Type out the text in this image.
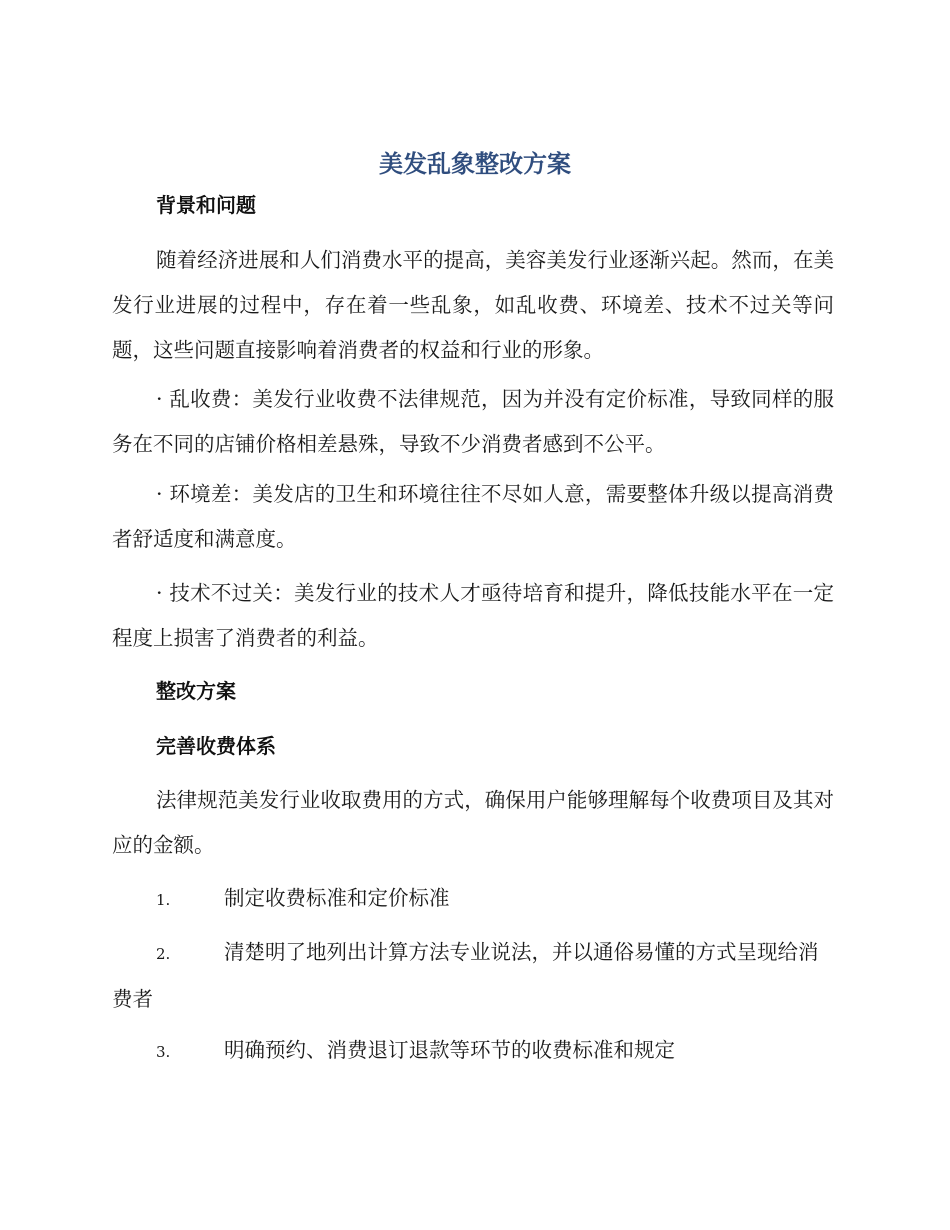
美发乱象整改方案
背景和问题

随着经济进展和人们消费水平的提高，美容美发行业逐渐兴起。然而，在美发行业进展的过程中，存在着一些乱象，如乱收费、环境差、技术不过关等问题，这些问题直接影响着消费者的权益和行业的形象。

· 乱收费：美发行业收费不法律规范，因为并没有定价标准，导致同样的服务在不同的店铺价格相差悬殊，导致不少消费者感到不公平。

· 环境差：美发店的卫生和环境往往不尽如人意，需要整体升级以提高消费者舒适度和满意度。

· 技术不过关：美发行业的技术人才亟待培育和提升，降低技能水平在一定程度上损害了消费者的利益。

整改方案
完善收费体系

法律规范美发行业收取费用的方式，确保用户能够理解每个收费项目及其对应的金额。

1.	制定收费标准和定价标准

2.	清楚明了地列出计算方法专业说法，并以通俗易懂的方式呈现给消费者

3.	明确预约、消费退订退款等环节的收费标准和规定
